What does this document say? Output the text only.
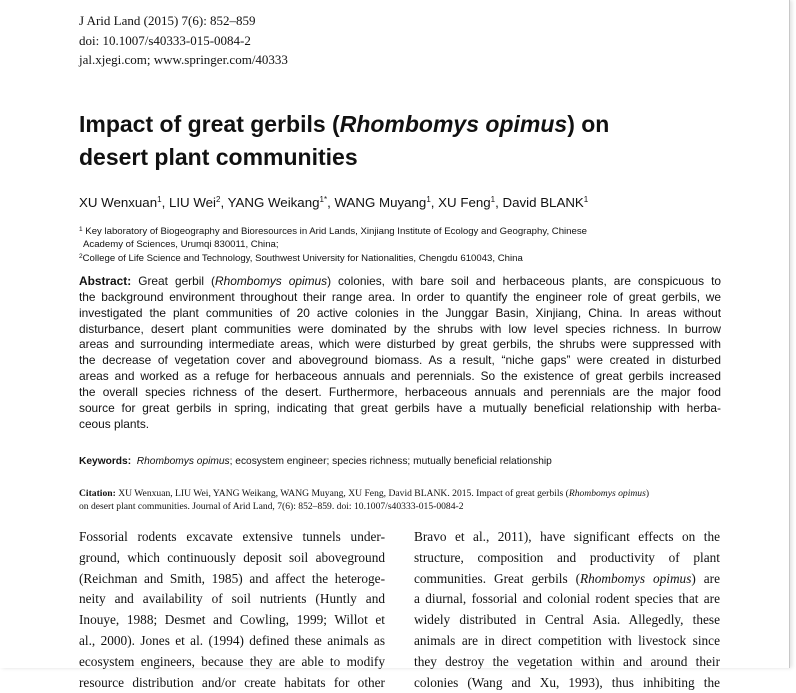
J Arid Land (2015) 7(6): 852–859
doi: 10.1007/s40333-015-0084-2
jal.xjegi.com; www.springer.com/40333
Impact of great gerbils (Rhombomys opimus) on
desert plant communities
XU Wenxuan$^1$, LIU Wei$^2$, YANG Weikang$^{1*}$, WANG Muyang$^1$, XU Feng$^1$, David BLANK$^1$
$^1$ Key laboratory of Biogeography and Bioresources in Arid Lands, Xinjiang Institute of Ecology and Geography, Chinese
Academy of Sciences, Urumqi 830011, China;
$^2$College of Life Science and Technology, Southwest University for Nationalities, Chengdu 610043, China
Abstract: Great gerbil (Rhombomys opimus) colonies, with bare soil and herbaceous plants, are conspicuous to
the background environment throughout their range area. In order to quantify the engineer role of great gerbils, we
investigated the plant communities of 20 active colonies in the Junggar Basin, Xinjiang, China. In areas without
disturbance, desert plant communities were dominated by the shrubs with low level species richness. In burrow
areas and surrounding intermediate areas, which were disturbed by great gerbils, the shrubs were suppressed with
the decrease of vegetation cover and aboveground biomass. As a result, “niche gaps” were created in disturbed
areas and worked as a refuge for herbaceous annuals and perennials. So the existence of great gerbils increased
the overall species richness of the desert. Furthermore, herbaceous annuals and perennials are the major food
source for great gerbils in spring, indicating that great gerbils have a mutually beneficial relationship with herba-
ceous plants.
Keywords: Rhombomys opimus; ecosystem engineer; species richness; mutually beneficial relationship
Citation: XU Wenxuan, LIU Wei, YANG Weikang, WANG Muyang, XU Feng, David BLANK. 2015. Impact of great gerbils (Rhombomys opimus)
on desert plant communities. Journal of Arid Land, 7(6): 852–859. doi: 10.1007/s40333-015-0084-2
Fossorial rodents excavate extensive tunnels under-
ground, which continuously deposit soil aboveground
(Reichman and Smith, 1985) and affect the heteroge-
neity and availability of soil nutrients (Huntly and
Inouye, 1988; Desmet and Cowling, 1999; Willot et
al., 2000). Jones et al. (1994) defined these animals as
ecosystem engineers, because they are able to modify
resource distribution and/or create habitats for other
Bravo et al., 2011), have significant effects on the
structure, composition and productivity of plant
communities. Great gerbils (Rhombomys opimus) are
a diurnal, fossorial and colonial rodent species that are
widely distributed in Central Asia. Allegedly, these
animals are in direct competition with livestock since
they destroy the vegetation within and around their
colonies (Wang and Xu, 1993), thus inhibiting the
